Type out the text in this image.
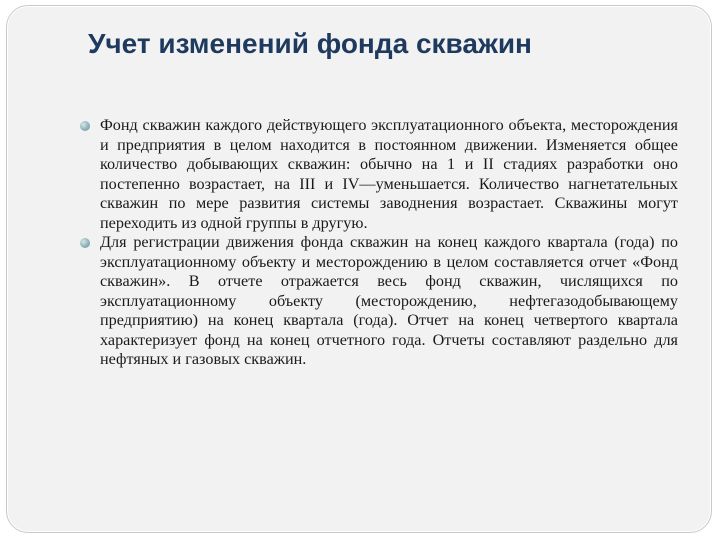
Учет изменений фонда скважин

Фонд скважин каждого действующего эксплуатационного объекта, месторождения и предприятия в целом находится в постоянном движении. Изменяется общее количество добывающих скважин: обычно на 1 и II стадиях разработки оно постепенно возрастает, на III и IV—уменьшается. Количество нагнетательных скважин по мере развития системы заводнения возрастает. Скважины могут переходить из одной группы в другую.

Для регистрации движения фонда скважин на конец каждого квартала (года) по эксплуатационному объекту и месторождению в целом составляется отчет «Фонд скважин». В отчете отражается весь фонд скважин, числящихся по эксплуатационному объекту (месторождению, нефтегазодобывающему предприятию) на конец квартала (года). Отчет на конец четвертого квартала характеризует фонд на конец отчетного года. Отчеты составляют раздельно для нефтяных и газовых скважин.
